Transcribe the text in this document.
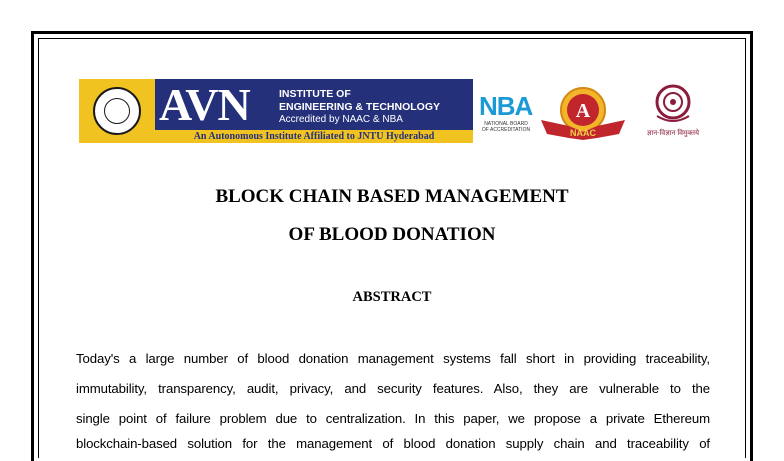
AVN	INSTITUTE OF
ENGINEERING & TECHNOLOGY
Accredited by NAAC & NBA
An Autonomous Institute Affiliated to JNTU Hyderabad
NBA
NATIONAL BOARD OF ACCREDITATION
A
NAAC	ज्ञान-विज्ञान विमुक्तये
BLOCK CHAIN BASED MANAGEMENT
OF BLOOD DONATION
ABSTRACT
Today's a large number of blood donation management systems fall short in providing traceability,
immutability, transparency, audit, privacy, and security features. Also, they are vulnerable to the
single point of failure problem due to centralization. In this paper, we propose a private Ethereum
blockchain-based solution for the management of blood donation supply chain and traceability of
